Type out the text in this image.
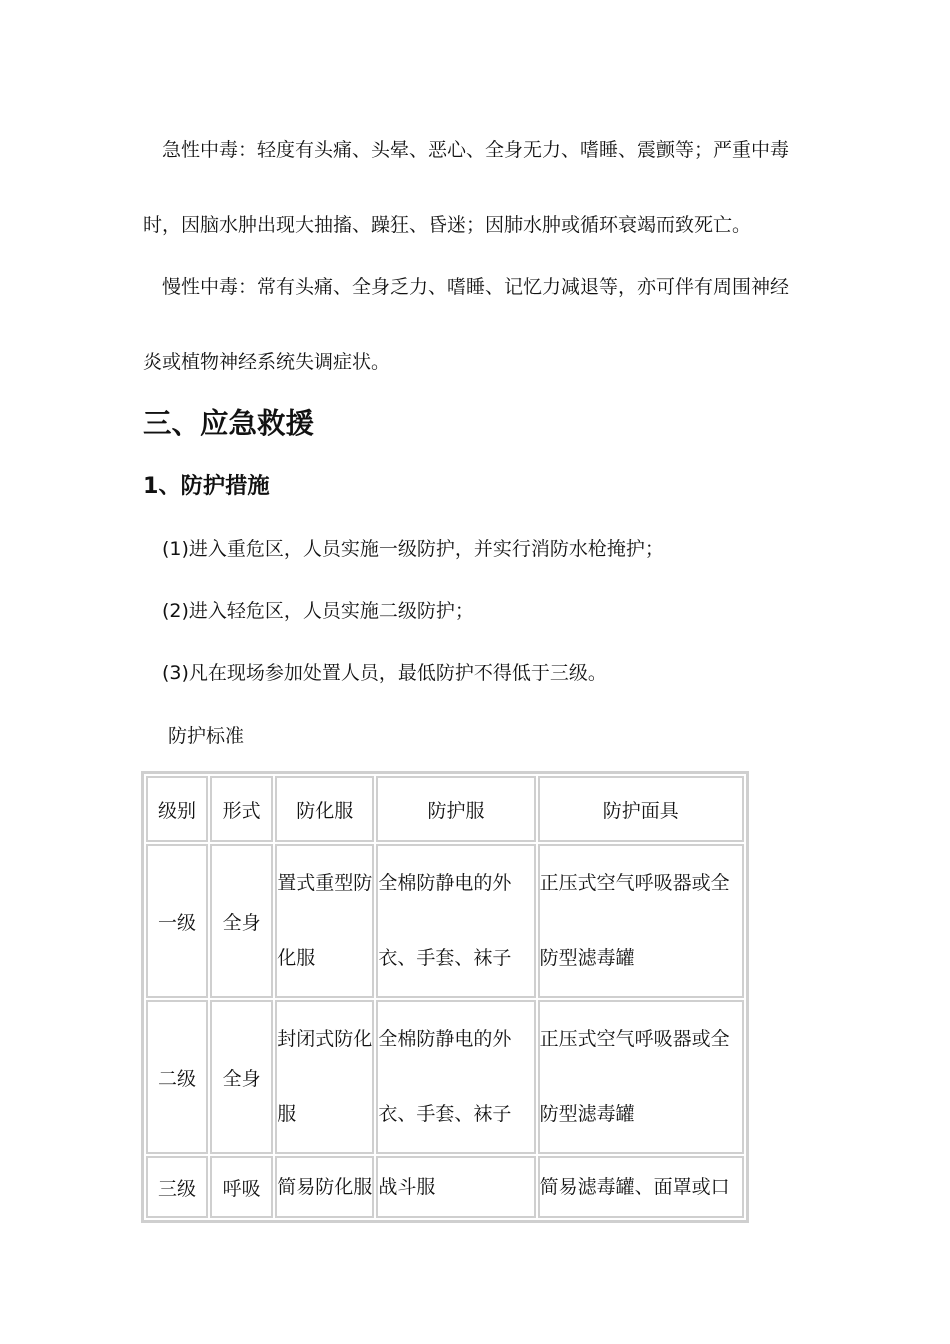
急性中毒：轻度有头痛、头晕、恶心、全身无力、嗜睡、震颤等；严重中毒

时，因脑水肿出现大抽搐、躁狂、昏迷；因肺水肿或循环衰竭而致死亡。

慢性中毒：常有头痛、全身乏力、嗜睡、记忆力减退等，亦可伴有周围神经

炎或植物神经系统失调症状。

三、应急救援
1、防护措施

(1)进入重危区，人员实施一级防护，并实行消防水枪掩护；

(2)进入轻危区，人员实施二级防护；

(3)凡在现场参加处置人员，最低防护不得低于三级。

防护标准

级别	形式	防化服	防护服	防护面具
一级	全身	置式重型防化服	全棉防静电的外衣、手套、袜子	正压式空气呼吸器或全防型滤毒罐
二级	全身	封闭式防化服	全棉防静电的外衣、手套、袜子	正压式空气呼吸器或全防型滤毒罐
三级	呼吸	简易防化服	战斗服	简易滤毒罐、面罩或口
